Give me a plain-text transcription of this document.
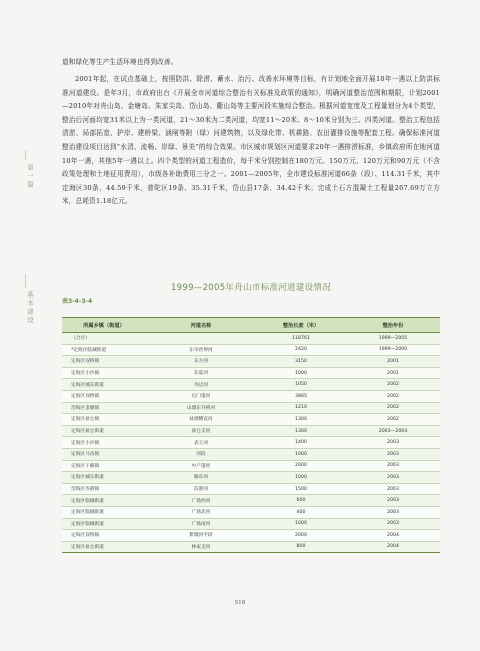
道和绿化等生产生活环境也得到改善。

2001年起，在试点基础上，按照防洪、除涝、蓄水、治污、改善水环境等目标，有计划地全面开展10年一遇以上防洪标准河道建设。是年3月，市政府出台《开展全市河道综合整治有关标准及政策的通知》，明确河道整治范围和期限，计划2001—2010年对舟山岛、金塘岛、朱家尖岛、岱山岛、衢山岛等主要河段实施综合整治。根据河道宽度及工程量划分为4个类型，整治后河面均宽31米以上为一类河道，21～30米为二类河道，均宽11～20米、8～10米分别为三、四类河道。整治工程包括清淤、局部拓宽、护岸、建桥梁、涵闸等附（绿）河建筑物，以及绿化带、机耕路、农田灌排设施等配套工程。确保标准河道整治建设项目达到“水清、流畅、岸绿、景美”的综合效果。市区城市规划区河道要求20年一遇排涝标准，乡镇政府所在地河道10年一遇，其他5年一遇以上。四个类型的河道工程造价，每千米分别控制在180万元、150万元、120万元和90万元（不含政策处理和土地征用费用），市级各补助费用三分之一。2001—2005年，全市建设标准河道66条（段）、114.31千米，其中定海区30条、44.59千米，普陀区19条、35.31千米，岱山县17条、34.42千米；完成土石方混凝土工程量267.69万立方米，总耗资1.18亿元。

第一篇
基本建设
1999—2005年舟山市标准河道建设情况
表3-4-3-4
所属乡镇（街道）	河道名称	整治长度（米）	整治年份
（合计）		118761	1999—2005
*定海区临城街道	东岑丝界河	2420	1999—2000
定海区双桥镇	东方河	3150	2001
定海区小沙镇	东夏河	1000	2001
定海区城东街道	岑边河	1050	2002
定海区双桥镇	后门蓬河	3865	2002
岱海区金塘镇	山潭东升桥河	1210	2002
定海区盐仓镇	盐潭横直河	1300	2002
定海区盐仓街道	盐仓支河	1300	2003—2004
定海区小沙镇	表王河	1400	2003
定海区马岙镇	河段	1000	2003
定海区干礁镇	中产蓬河	2000	2003
定海区城东街道	解东河	1000	2003
岱海区岑港镇	沃港河	1500	2003
定海区临城街道	广场西河	600	2003
定海区临城街道	广场北河	400	2003
定海区临城街道	广场南河	1000	2003
定海区双桥镇	紫微河平段	2000	2004
定海区盐仓街道	林家支河	800	2004
518
